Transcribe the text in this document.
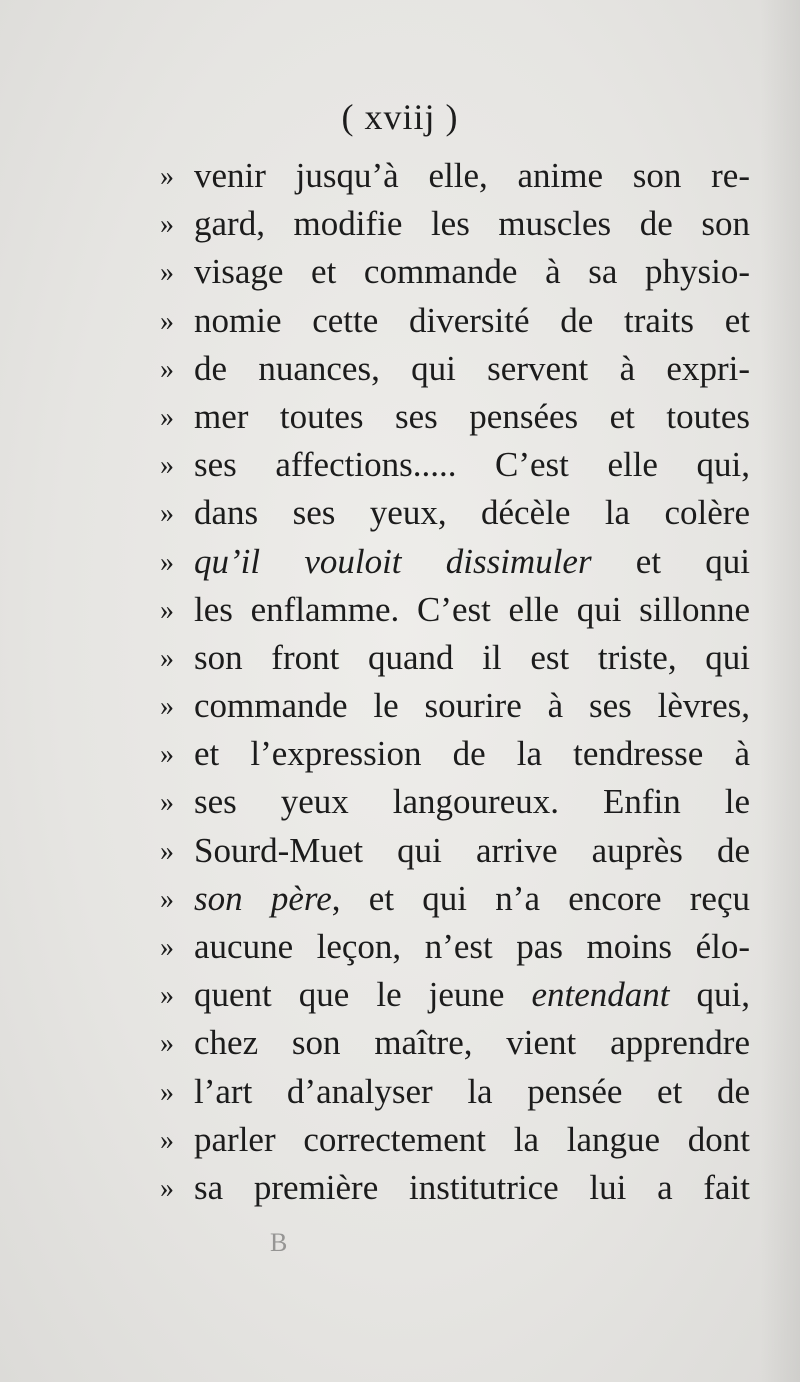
( xviij )
» venir jusqu’à elle, anime son re-
» gard, modifie les muscles de son
» visage et commande à sa physio-
» nomie cette diversité de traits et
» de nuances, qui servent à expri-
» mer toutes ses pensées et toutes
» ses affections..... C’est elle qui,
» dans ses yeux, décèle la colère
» qu’il vouloit dissimuler et qui
» les enflamme. C’est elle qui sillonne
» son front quand il est triste, qui
» commande le sourire à ses lèvres,
» et l’expression de la tendresse à
» ses yeux langoureux. Enfin le
» Sourd-Muet qui arrive auprès de
» son père, et qui n’a encore reçu
» aucune leçon, n’est pas moins élo-
» quent que le jeune entendant qui,
» chez son maître, vient apprendre
» l’art d’analyser la pensée et de
» parler correctement la langue dont
» sa première institutrice lui a fait
B
